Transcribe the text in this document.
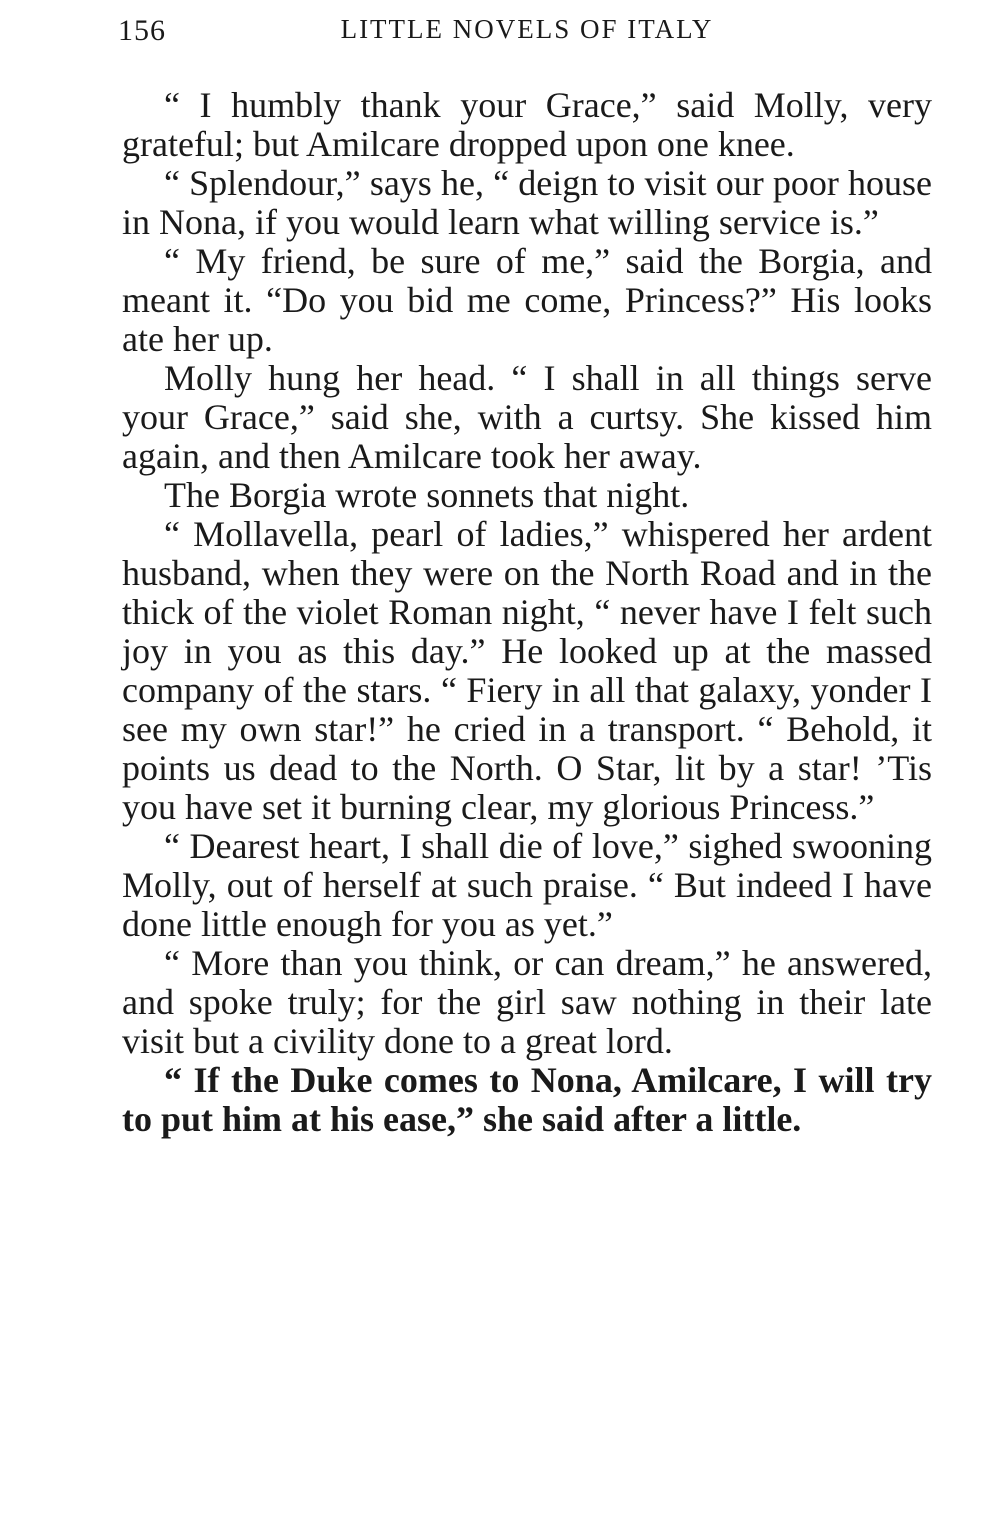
156	LITTLE NOVELS OF ITALY

“ I humbly thank your Grace,” said Molly, very grateful; but Amilcare dropped upon one knee.

“ Splendour,” says he, “ deign to visit our poor house in Nona, if you would learn what willing service is.”

“ My friend, be sure of me,” said the Borgia, and meant it. “Do you bid me come, Princess?” His looks ate her up.

Molly hung her head. “ I shall in all things serve your Grace,” said she, with a curtsy. She kissed him again, and then Amilcare took her away.

The Borgia wrote sonnets that night.

“ Mollavella, pearl of ladies,” whispered her ardent husband, when they were on the North Road and in the thick of the violet Roman night, “ never have I felt such joy in you as this day.” He looked up at the massed company of the stars. “ Fiery in all that galaxy, yonder I see my own star!” he cried in a transport. “ Behold, it points us dead to the North. O Star, lit by a star! ’Tis you have set it burning clear, my glorious Princess.”

“ Dearest heart, I shall die of love,” sighed swooning Molly, out of herself at such praise. “ But indeed I have done little enough for you as yet.”

“ More than you think, or can dream,” he answered, and spoke truly; for the girl saw nothing in their late visit but a civility done to a great lord.

“ If the Duke comes to Nona, Amilcare, I will try to put him at his ease,” she said after a little.
